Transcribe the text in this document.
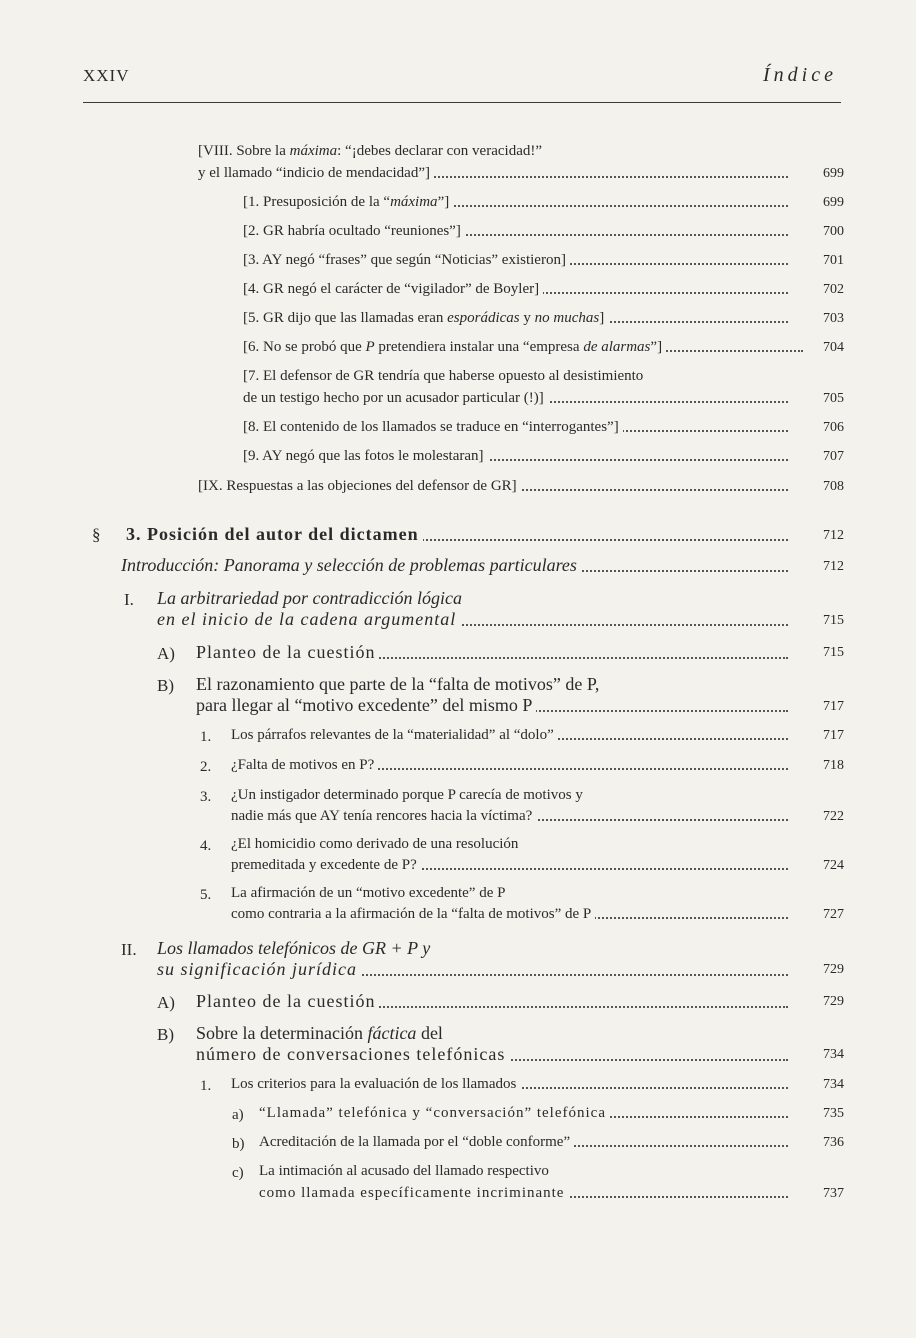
XXIV	Índice
[VIII. Sobre la máxima: “¡debes declarar con veracidad!”
y el llamado “indicio de mendacidad”]	699
[1. Presuposición de la “máxima”]	699
[2. GR habría ocultado “reuniones”]	700
[3. AY negó “frases” que según “Noticias” existieron]	701
[4. GR negó el carácter de “vigilador” de Boyler]	702
[5. GR dijo que las llamadas eran esporádicas y no muchas]	703
[6. No se probó que P pretendiera instalar una “empresa de alarmas”]	704
[7. El defensor de GR tendría que haberse opuesto al desistimiento
de un testigo hecho por un acusador particular (!)]	705
[8. El contenido de los llamados se traduce en “interrogantes”]	706
[9. AY negó que las fotos le molestaran]	707
[IX. Respuestas a las objeciones del defensor de GR]	708
§ 3. Posición del autor del dictamen	712
Introducción: Panorama y selección de problemas particulares	712
I. La arbitrariedad por contradicción lógica
en el inicio de la cadena argumental	715
A) Planteo de la cuestión	715
B) El razonamiento que parte de la “falta de motivos” de P,
para llegar al “motivo excedente” del mismo P	717
1. Los párrafos relevantes de la “materialidad” al “dolo”	717
2. ¿Falta de motivos en P?	718
3. ¿Un instigador determinado porque P carecía de motivos y
nadie más que AY tenía rencores hacia la víctima?	722
4. ¿El homicidio como derivado de una resolución
premeditada y excedente de P?	724
5. La afirmación de un “motivo excedente” de P
como contraria a la afirmación de la “falta de motivos” de P	727
II. Los llamados telefónicos de GR + P y
su significación jurídica	729
A) Planteo de la cuestión	729
B) Sobre la determinación fáctica del
número de conversaciones telefónicas	734
1. Los criterios para la evaluación de los llamados	734
a) “Llamada” telefónica y “conversación” telefónica	735
b) Acreditación de la llamada por el “doble conforme”	736
c) La intimación al acusado del llamado respectivo
como llamada específicamente incriminante	737
